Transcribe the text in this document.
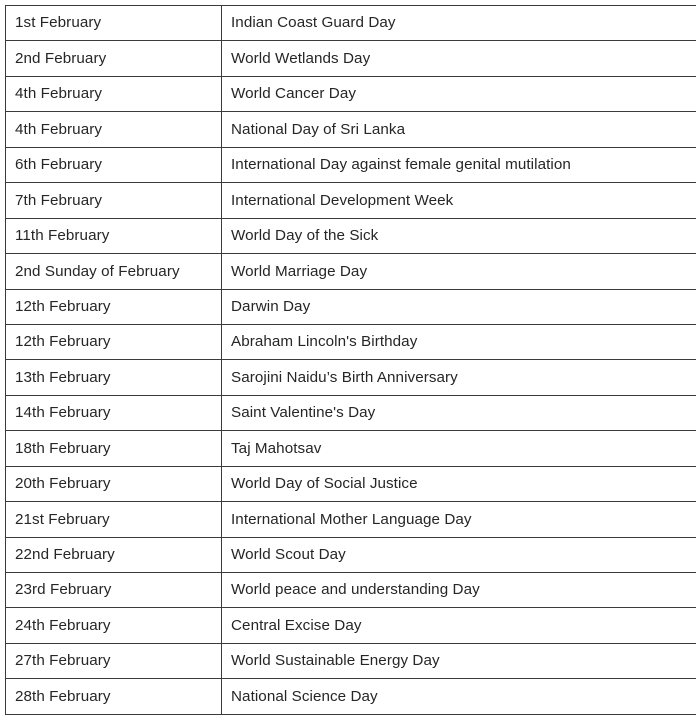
1st February	Indian Coast Guard Day
2nd February	World Wetlands Day
4th February	World Cancer Day
4th February	National Day of Sri Lanka
6th February	International Day against female genital mutilation
7th February	International Development Week
11th February	World Day of the Sick
2nd Sunday of February	World Marriage Day
12th February	Darwin Day
12th February	Abraham Lincoln's Birthday
13th February	Sarojini Naidu’s Birth Anniversary
14th February	Saint Valentine's Day
18th February	Taj Mahotsav
20th February	World Day of Social Justice
21st February	International Mother Language Day
22nd February	World Scout Day
23rd February	World peace and understanding Day
24th February	Central Excise Day
27th February	World Sustainable Energy Day
28th February	National Science Day
